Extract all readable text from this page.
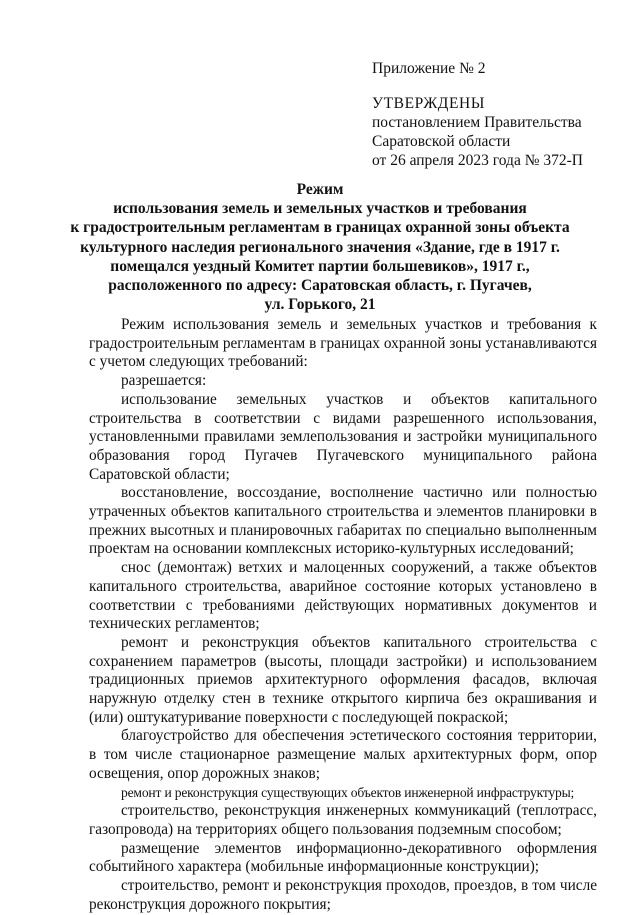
Приложение № 2
УТВЕРЖДЕНЫ
постановлением Правительства
Саратовской области
от 26 апреля 2023 года № 372-П
Режим
использования земель и земельных участков и требования
к градостроительным регламентам в границах охранной зоны объекта
культурного наследия регионального значения «Здание, где в 1917 г.
помещался уездный Комитет партии большевиков», 1917 г.,
расположенного по адресу: Саратовская область, г. Пугачев,
ул. Горького, 21

Режим использования земель и земельных участков и требования к градостроительным регламентам в границах охранной зоны устанавливаются с учетом следующих требований:

разрешается:

использование земельных участков и объектов капитального строительства в соответствии с видами разрешенного использования, установленными правилами землепользования и застройки муниципального образования город Пугачев Пугачевского муниципального района Саратовской области;

восстановление, воссоздание, восполнение частично или полностью утраченных объектов капитального строительства и элементов планировки в прежних высотных и планировочных габаритах по специально выполненным проектам на основании комплексных историко-культурных исследований;

снос (демонтаж) ветхих и малоценных сооружений, а также объектов капитального строительства, аварийное состояние которых установлено в соответствии с требованиями действующих нормативных документов и технических регламентов;

ремонт и реконструкция объектов капитального строительства с сохранением параметров (высоты, площади застройки) и использованием традиционных приемов архитектурного оформления фасадов, включая наружную отделку стен в технике открытого кирпича без окрашивания и (или) оштукатуривание поверхности с последующей покраской;

благоустройство для обеспечения эстетического состояния территории, в том числе стационарное размещение малых архитектурных форм, опор освещения, опор дорожных знаков;

ремонт и реконструкция существующих объектов инженерной инфраструктуры;

строительство, реконструкция инженерных коммуникаций (теплотрасс, газопровода) на территориях общего пользования подземным способом;

размещение элементов информационно-декоративного оформления событийного характера (мобильные информационные конструкции);

строительство, ремонт и реконструкция проходов, проездов, в том числе реконструкция дорожного покрытия;
